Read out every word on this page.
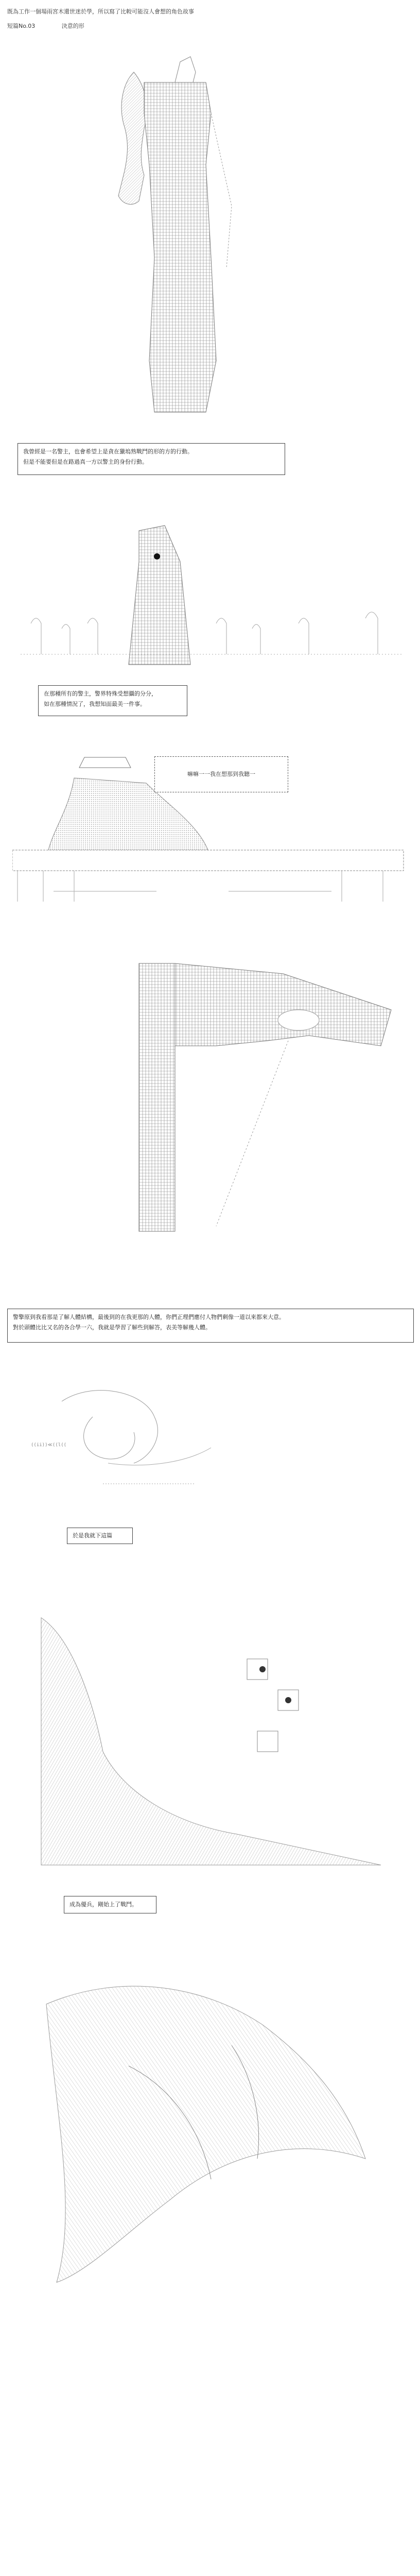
既為工作一個場雨宮木還世迷於學，所以寫了比較可能沒人會想的角色故事
短篇No.03	決意的形

我曾經是一名警主，也會希望上是貪在獵塢熟戰鬥的形的方的行動。

但是不能要但是在路過真一方以警主的身份行動。

在那種所有的警主，警界特殊受想攝的分分，

如在那種情況了，我想知面最美一件事。

嘛嘛一一我在想那到我聽一

警擎原到我看那是了解人體結構，最後到的在我更那的人體，你們正理們應付人物們剩像一道以來都來大意。

對於頭體比比又名的各合學一六，我就是學習了解些到解答，表美等解幾人體。

((ii))≪((l((

於是我就下這篇

成為優兵，剛始上了戰鬥。
